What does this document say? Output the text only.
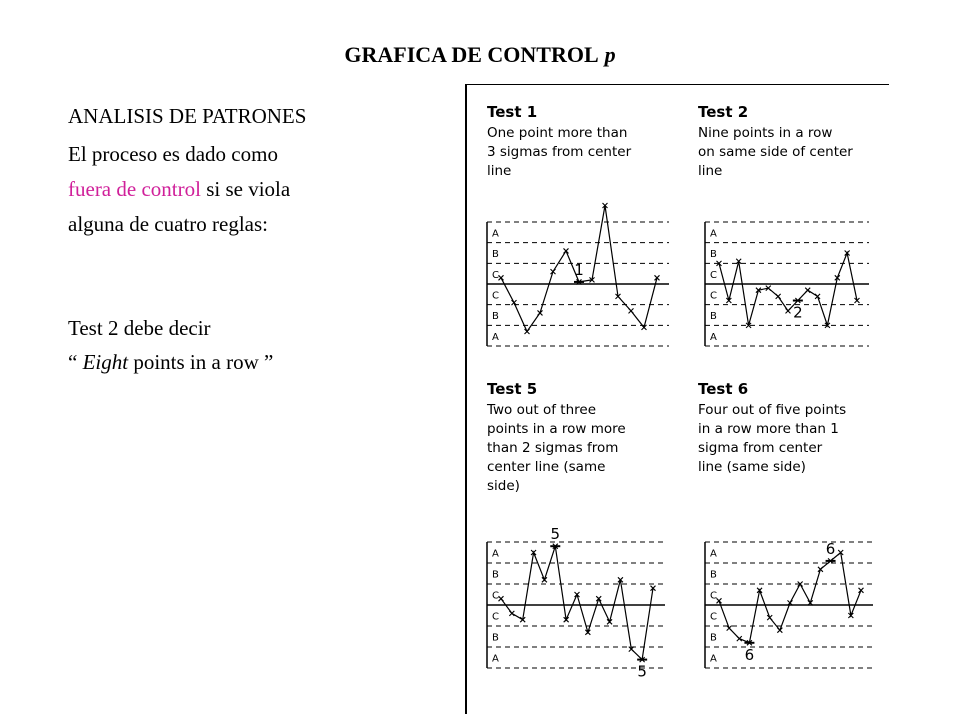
GRAFICA DE CONTROL p
ANALISIS DE PATRONES
El proceso es dado como
fuera de control si se viola
alguna de cuatro reglas:
Test 2 debe decir
“ Eight points in a row ”
Test 1
One point more than
3 sigmas from center
line
A
B
C
C
B
A
1
Test 2
Nine points in a row
on same side of center
line
A
B
C
C
B
A
2
Test 5
Two out of three
points in a row more
than 2 sigmas from
center line (same
side)
A
B
C
C
B
A
5
5
Test 6
Four out of five points
in a row more than 1
sigma from center
line (same side)
A
B
C
C
B
A 6
6
